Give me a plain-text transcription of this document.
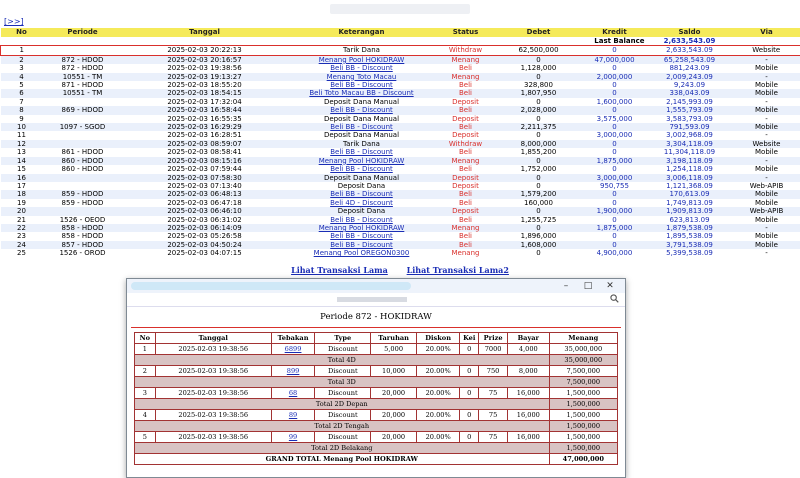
[>>]
No	Periode	Tanggal	Keterangan	Status	Debet	Kredit	Saldo	Via
Last Balance							2,633,543.09	
1		2025-02-03 20:22:13	Tarik Dana	Withdraw	62,500,000	0	2,633,543.09	Website
2	872 - HDOD	2025-02-03 20:16:57	Menang Pool HOKIDRAW	Menang	0	47,000,000	65,258,543.09	-
3	872 - HDOD	2025-02-03 19:38:56	Beli BB - Discount	Beli	1,128,000	0	881,243.09	Mobile
4	10551 - TM	2025-02-03 19:13:27	Menang Toto Macau	Menang	0	2,000,000	2,009,243.09	-
5	871 - HDOD	2025-02-03 18:55:20	Beli BB - Discount	Beli	328,800	0	9,243.09	Mobile
6	10551 - TM	2025-02-03 18:54:15	Beli Toto Macau BB - Discount	Beli	1,807,950	0	338,043.09	Mobile
7		2025-02-03 17:32:04	Deposit Dana Manual	Deposit	0	1,600,000	2,145,993.09	-
8	869 - HDOD	2025-02-03 16:58:44	Beli BB - Discount	Beli	2,028,000	0	1,555,793.09	Mobile
9		2025-02-03 16:55:35	Deposit Dana Manual	Deposit	0	3,575,000	3,583,793.09	-
10	1097 - SGOD	2025-02-03 16:29:29	Beli BB - Discount	Beli	2,211,375	0	791,593.09	Mobile
11		2025-02-03 16:28:51	Deposit Dana Manual	Deposit	0	3,000,000	3,002,968.09	-
12		2025-02-03 08:59:07	Tarik Dana	Withdraw	8,000,000	0	3,304,118.09	Website
13	861 - HDOD	2025-02-03 08:58:41	Beli BB - Discount	Beli	1,855,200	0	11,304,118.09	Mobile
14	860 - HDOD	2025-02-03 08:15:16	Menang Pool HOKIDRAW	Menang	0	1,875,000	3,198,118.09	-
15	860 - HDOD	2025-02-03 07:59:44	Beli BB - Discount	Beli	1,752,000	0	1,254,118.09	Mobile
16		2025-02-03 07:58:30	Deposit Dana Manual	Deposit	0	3,000,000	3,006,118.09	-
17		2025-02-03 07:13:40	Deposit Dana	Deposit	0	950,755	1,121,368.09	Web-APIB
18	859 - HDOD	2025-02-03 06:48:13	Beli BB - Discount	Beli	1,579,200	0	170,613.09	Mobile
19	859 - HDOD	2025-02-03 06:47:18	Beli 4D - Discount	Beli	160,000	0	1,749,813.09	Mobile
20		2025-02-03 06:46:10	Deposit Dana	Deposit	0	1,900,000	1,909,813.09	Web-APIB
21	1526 - OEOD	2025-02-03 06:31:02	Beli BB - Discount	Beli	1,255,725	0	623,813.09	Mobile
22	858 - HDOD	2025-02-03 06:14:09	Menang Pool HOKIDRAW	Menang	0	1,875,000	1,879,538.09	-
23	858 - HDOD	2025-02-03 05:26:58	Beli BB - Discount	Beli	1,896,000	0	1,895,538.09	Mobile
24	857 - HDOD	2025-02-03 04:50:24	Beli BB - Discount	Beli	1,608,000	0	3,791,538.09	Mobile
25	1526 - OROD	2025-02-03 04:07:15	Menang Pool OREGON0300	Menang	0	4,900,000	5,399,538.09	-
Lihat Transaksi Lama Lihat Transaksi Lama2
–	□	✕
Periode 872 - HOKIDRAW
No	Tanggal	Tebakan	Type	Taruhan	Diskon	Kei	Prize	Bayar	Menang
1	2025-02-03 19:38:56	6899	Discount	5,000	20.00%	0	7000	4,000	35,000,000
Total 4D									35,000,000
2	2025-02-03 19:38:56	899	Discount	10,000	20.00%	0	750	8,000	7,500,000
Total 3D									7,500,000
3	2025-02-03 19:38:56	68	Discount	20,000	20.00%	0	75	16,000	1,500,000
Total 2D Depan									1,500,000
4	2025-02-03 19:38:56	89	Discount	20,000	20.00%	0	75	16,000	1,500,000
Total 2D Tengah									1,500,000
5	2025-02-03 19:38:56	99	Discount	20,000	20.00%	0	75	16,000	1,500,000
Total 2D Belakang									1,500,000
GRAND TOTAL Menang Pool HOKIDRAW									47,000,000
